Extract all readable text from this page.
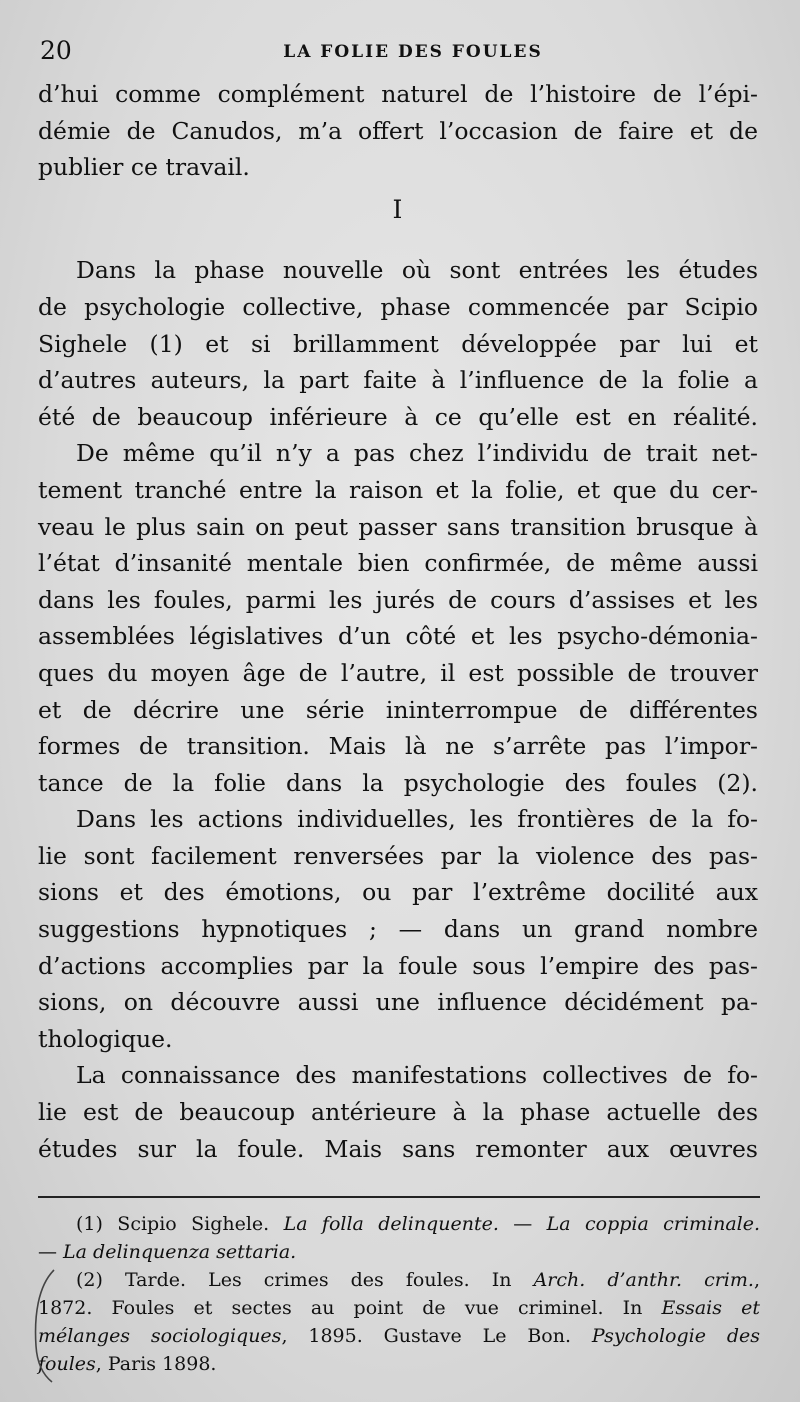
20	LA FOLIE DES FOULES
d’hui comme complément naturel de l’histoire de l’épi-
démie de Canudos, m’a offert l’occasion de faire et de
publier ce travail.
I
Dans la phase nouvelle où sont entrées les études
de psychologie collective, phase commencée par Scipio
Sighele (1) et si brillamment développée par lui et
d’autres auteurs, la part faite à l’influence de la folie a
été de beaucoup inférieure à ce qu’elle est en réalité.
De même qu’il n’y a pas chez l’individu de trait net-
tement tranché entre la raison et la folie, et que du cer-
veau le plus sain on peut passer sans transition brusque à
l’état d’insanité mentale bien confirmée, de même aussi
dans les foules, parmi les jurés de cours d’assises et les
assemblées législatives d’un côté et les psycho-démonia-
ques du moyen âge de l’autre, il est possible de trouver
et de décrire une série ininterrompue de différentes
formes de transition. Mais là ne s’arrête pas l’impor-
tance de la folie dans la psychologie des foules (2).
Dans les actions individuelles, les frontières de la fo-
lie sont facilement renversées par la violence des pas-
sions et des émotions, ou par l’extrême docilité aux
suggestions hypnotiques ; — dans un grand nombre
d’actions accomplies par la foule sous l’empire des pas-
sions, on découvre aussi une influence décidément pa-
thologique.
La connaissance des manifestations collectives de fo-
lie est de beaucoup antérieure à la phase actuelle des
études sur la foule. Mais sans remonter aux œuvres
(1) Scipio Sighele. La folla delinquente. — La coppia criminale.
— La delinquenza settaria.
(2) Tarde. Les crimes des foules. In Arch. d’anthr. crim.,
1872. Foules et sectes au point de vue criminel. In Essais et
mélanges sociologiques, 1895. Gustave Le Bon. Psychologie des
foules, Paris 1898.
